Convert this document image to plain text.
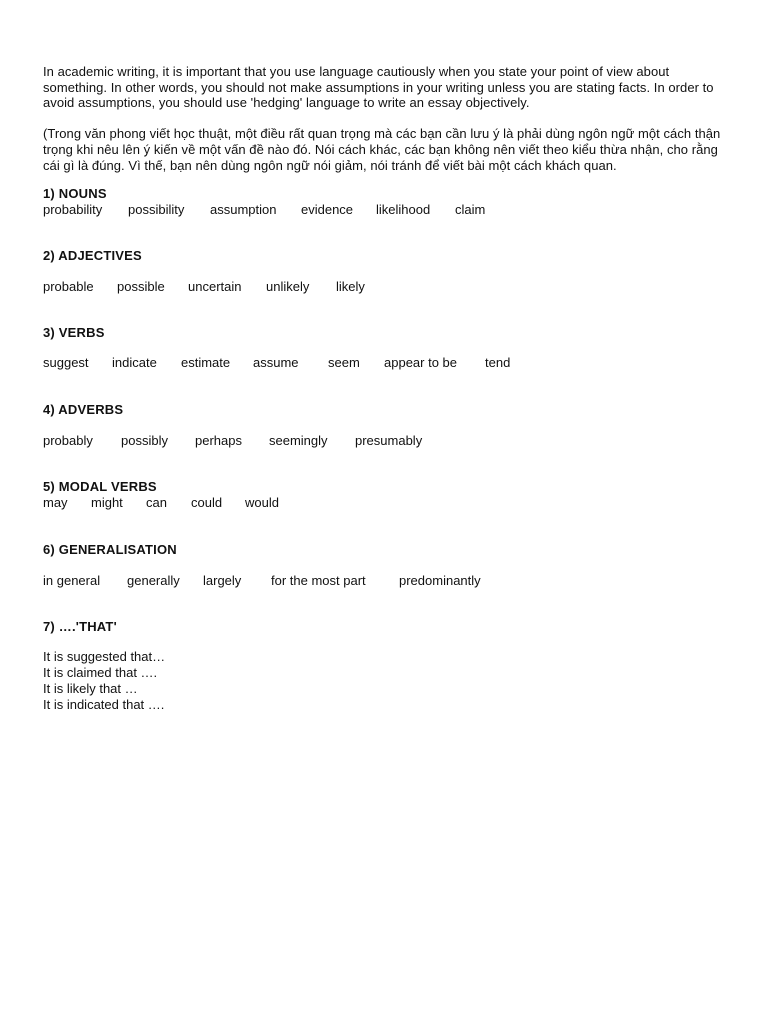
In academic writing, it is important that you use language cautiously when you state your point of view about something. In other words, you should not make assumptions in your writing unless you are stating facts. In order to avoid assumptions, you should use 'hedging' language to write an essay objectively.

(Trong văn phong viết học thuật, một điều rất quan trọng mà các bạn cần lưu ý là phải dùng ngôn ngữ một cách thận trọng khi nêu lên ý kiến về một vấn đề nào đó. Nói cách khác, các bạn không nên viết theo kiểu thừa nhận, cho rằng cái gì là đúng. Vì thế, bạn nên dùng ngôn ngữ nói giảm, nói tránh để viết bài một cách khách quan.

1) NOUNS

probability possibility assumption evidence likelihood claim

2) ADJECTIVES

probable possible uncertain unlikely likely

3) VERBS

suggest indicate estimate assume seem appear to be tend

4) ADVERBS

probably possibly perhaps seemingly presumably

5) MODAL VERBS

may might can could would

6) GENERALISATION

in general generally largely for the most part	predominantly

7) ….'THAT'

It is suggested that…
It is claimed that ….
It is likely that …
It is indicated that ….
